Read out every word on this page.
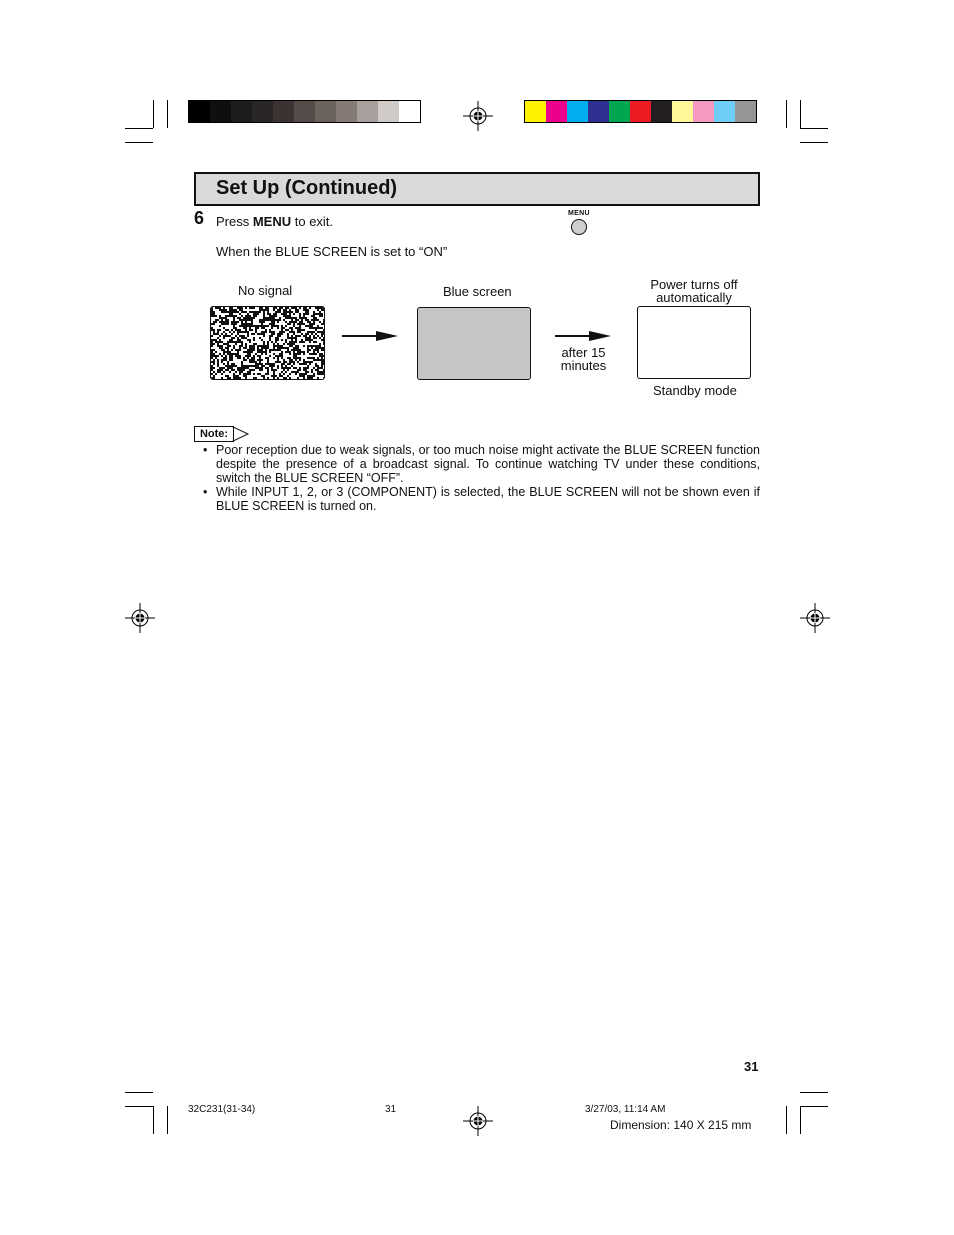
Set Up (Continued)
6 Press MENU to exit.
MENU
When the BLUE SCREEN is set to “ON”
No signal	Blue screen
after 15
minutes
Power turns off
automatically
Standby mode
Note:
• Poor reception due to weak signals, or too much noise might activate the BLUE SCREEN function despite the presence of a broadcast signal. To continue watching TV under these conditions, switch the BLUE SCREEN “OFF”.
• While INPUT 1, 2, or 3 (COMPONENT) is selected, the BLUE SCREEN will not be shown even if BLUE SCREEN is turned on.
31
32C231(31-34)	31	3/27/03, 11:14 AM
Dimension: 140 X 215 mm
